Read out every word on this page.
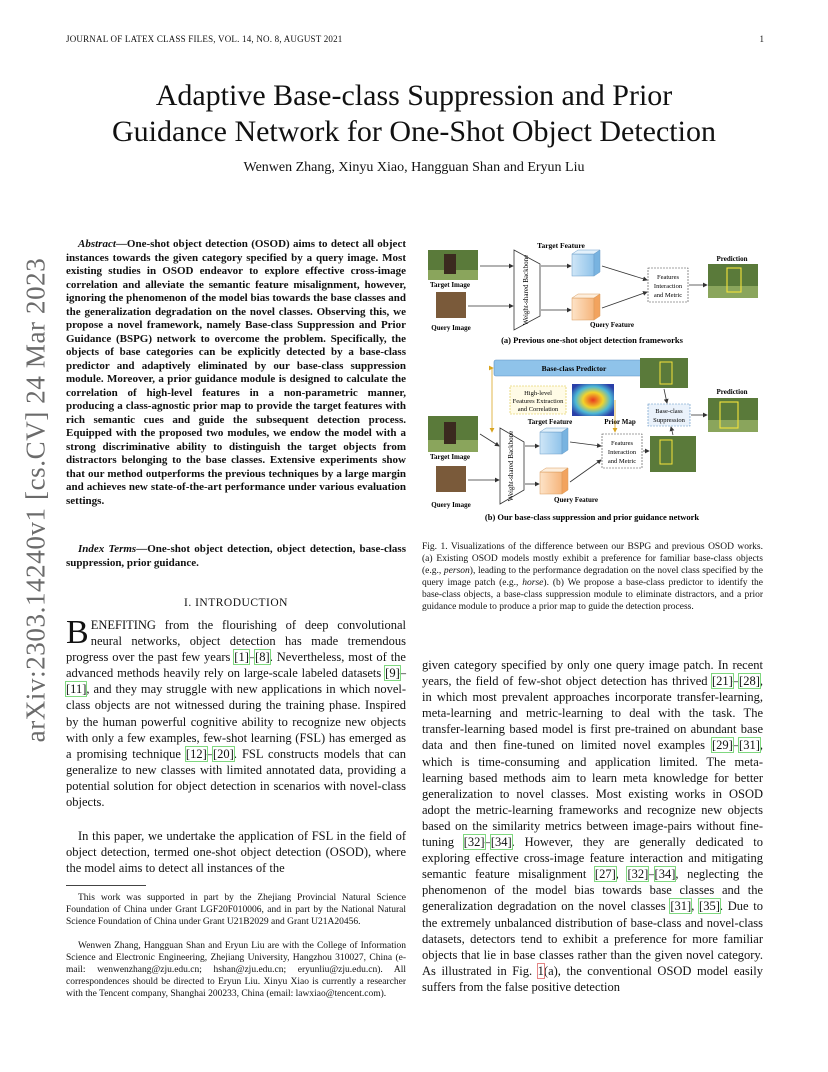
JOURNAL OF LATEX CLASS FILES, VOL. 14, NO. 8, AUGUST 2021	1
Adaptive Base-class Suppression and Prior
Guidance Network for One-Shot Object Detection
Wenwen Zhang, Xinyu Xiao, Hangguan Shan and Eryun Liu
arXiv:2303.14240v1 [cs.CV] 24 Mar 2023

Abstract—One-shot object detection (OSOD) aims to detect all object instances towards the given category specified by a query image. Most existing studies in OSOD endeavor to explore effective cross-image correlation and alleviate the semantic feature misalignment, however, ignoring the phenomenon of the model bias towards the base classes and the generalization degradation on the novel classes. Observing this, we propose a novel framework, namely Base-class Suppression and Prior Guidance (BSPG) network to overcome the problem. Specifically, the objects of base categories can be explicitly detected by a base-class predictor and adaptively eliminated by our base-class suppression module. Moreover, a prior guidance module is designed to calculate the correlation of high-level features in a non-parametric manner, producing a class-agnostic prior map to provide the target features with rich semantic cues and guide the subsequent detection process. Equipped with the proposed two modules, we endow the model with a strong discriminative ability to distinguish the target objects from distractors belonging to the base classes. Extensive experiments show that our method outperforms the previous techniques by a large margin and achieves new state-of-the-art performance under various evaluation settings.

Index Terms—One-shot object detection, object detection, base-class suppression, prior guidance.

I. INTRODUCTION

BENEFITING from the flourishing of deep convolutional neural networks, object detection has made tremendous progress over the past few years [1]–[8]. Nevertheless, most of the advanced methods heavily rely on large-scale labeled datasets [9]–[11], and they may struggle with new applications in which novel-class objects are not witnessed during the training phase. Inspired by the human powerful cognitive ability to recognize new objects with only a few examples, few-shot learning (FSL) has emerged as a promising technique [12]–[20]. FSL constructs models that can generalize to new classes with limited annotated data, providing a potential solution for object detection in scenarios with novel-class objects.

In this paper, we undertake the application of FSL in the field of object detection, termed one-shot object detection (OSOD), where the model aims to detect all instances of the

This work was supported in part by the Zhejiang Provincial Natural Science Foundation of China under Grant LGF20F010006, and in part by the National Natural Science Foundation of China under Grant U21B2029 and Grant U21A20456.

Wenwen Zhang, Hangguan Shan and Eryun Liu are with the College of Information Science and Electronic Engineering, Zhejiang University, Hangzhou 310027, China (e-mail: wenwenzhang@zju.edu.cn; hshan@zju.edu.cn; eryunliu@zju.edu.cn). All correspondences should be directed to Eryun Liu. Xinyu Xiao is currently a researcher with the Tencent company, Shanghai 200233, China (email: lawxiao@tencent.com).

Target Feature
Target Image
Query Image
Weight-shared Backbone	Query Feature
Features
Interaction
and Metric
Prediction
(a) Previous one-shot object detection frameworks
Base-class Predictor
High-level
Features Extraction
and Correlation
Prior Map
Target Feature
Target Image
Query Image
Weight-shared Backbone	Query Feature
Features
Interaction
and Metric
Base-class
Suppression
Prediction
(b) Our base-class suppression and prior guidance network

Fig. 1. Visualizations of the difference between our BSPG and previous OSOD works. (a) Existing OSOD models mostly exhibit a preference for familiar base-class objects (e.g., person), leading to the performance degradation on the novel class specified by the query image patch (e.g., horse). (b) We propose a base-class predictor to identify the base-class objects, a base-class suppression module to eliminate distractors, and a prior guidance module to produce a prior map to guide the detection process.

given category specified by only one query image patch. In recent years, the field of few-shot object detection has thrived [21]–[28], in which most prevalent approaches incorporate transfer-learning, meta-learning and metric-learning to deal with the task. The transfer-learning based model is first pre-trained on abundant base data and then fine-tuned on limited novel examples [29]–[31], which is time-consuming and application limited. The meta-learning based methods aim to learn meta knowledge for better generalization to novel classes. Most existing works in OSOD adopt the metric-learning frameworks and recognize new objects based on the similarity metrics between image-pairs without fine-tuning [32]–[34]. However, they are generally dedicated to exploring effective cross-image feature interaction and mitigating semantic feature misalignment [27], [32]–[34], neglecting the phenomenon of the model bias towards base classes and the generalization degradation on the novel classes [31], [35]. Due to the extremely unbalanced distribution of base-class and novel-class datasets, detectors tend to exhibit a preference for more familiar objects that lie in base classes rather than the given novel category. As illustrated in Fig. 1(a), the conventional OSOD model easily suffers from the false positive detection
